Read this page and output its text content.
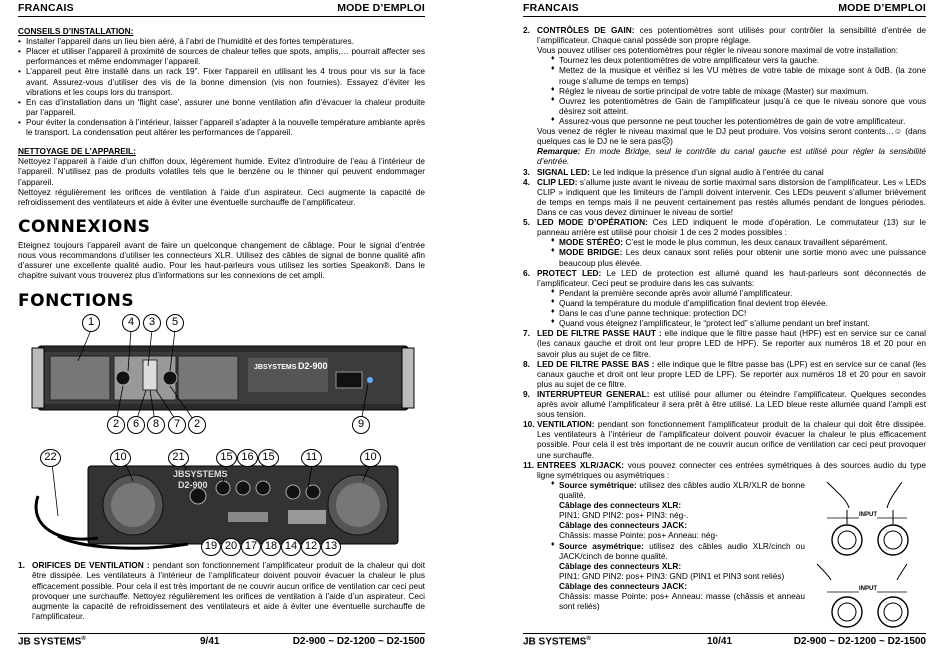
FRANCAIS	MODE D’EMPLOI
CONSEILS D’INSTALLATION:
• Installer l’appareil dans un lieu bien aéré, à l’abri de l’humidité et des fortes températures.
• Placer et utiliser l’appareil à proximité de sources de chaleur telles que spots, amplis,… pourrait affecter ses performances et même endommager l’appareil.
• L’appareil peut être installé dans un rack 19”. Fixer l'appareil en utilisant les 4 trous pour vis sur la face avant. Assurez-vous d’utiliser des vis de la bonne dimension (vis non fournies). Essayez d’éviter les vibrations et les coups lors du transport.
• En cas d’installation dans un 'flight case', assurer une bonne ventilation afin d’évacuer la chaleur produite par l’appareil.
• Pour éviter la condensation à l’intérieur, laisser l’appareil s’adapter à la nouvelle température ambiante après le transport. La condensation peut altérer les performances de l’appareil.
NETTOYAGE DE L’APPAREIL:

Nettoyez l’appareil à l’aide d’un chiffon doux, légèrement humide. Evitez d’introduire de l’eau à l’intérieur de l’appareil. N’utilisez pas de produits volatiles tels que le benzène ou le thinner qui peuvent endommager l’appareil.

Nettoyez régulièrement les orifices de ventilation à l’aide d’un aspirateur. Ceci augmente la capacité de refroidissement des ventilateurs et aide à éviter une éventuelle surchauffe de l’amplificateur.

CONNEXIONS

Eteignez toujours l’appareil avant de faire un quelconque changement de câblage. Pour le signal d’entrée nous vous recommandons d’utiliser les connecteurs XLR. Utilisez des câbles de signal de bonne qualité afin d’assurer une excellente qualité audio. Pour les haut-parleurs vous utilisez les sorties Speakon®. Dans le chapitre suivant vous trouverez plus d’informations sur les connexions de cet ampli.

FONCTIONS
JBSYSTEMS D2-900
JBSYSTEMS
D2-900
1	4	3	5
2	6	8	7	2	9
22	10	21	15 16 15	11	10
19 20 17 18 14 12 13
1. ORIFICES DE VENTILATION : pendant son fonctionnement l’amplificateur produit de la chaleur qui doit être dissipée. Les ventilateurs à l’intérieur de l’amplificateur doivent pouvoir évacuer la chaleur le plus efficacement possible. Pour cela il est très important de ne couvrir aucun orifice de ventilation car ceci peut provoquer une surchauffe. Nettoyez régulièrement les orifices de ventilation à l’aide d’un aspirateur. Ceci augmente la capacité de refroidissement des ventilateurs et aide à éviter une éventuelle surchauffe de l’amplificateur.
JB SYSTEMS®	9/41	D2-900 ~ D2-1200 ~ D2-1500
FRANCAIS	MODE D’EMPLOI
2. CONTRÔLES DE GAIN: ces potentiomètres sont utilisés pour contrôler la sensibilité d’entrée de l’amplificateur. Chaque canal possède son propre réglage.
Vous pouvez utiliser ces potentiomètres pour régler le niveau sonore maximal de votre installation:
♦ Tournez les deux potentiomètres de votre amplificateur vers la gauche.
♦ Mettez de la musique et vérifiez si les VU mètres de votre table de mixage sont à 0dB. (la zone rouge s’allume de temps en temps)
♦ Réglez le niveau de sortie principal de votre table de mixage (Master) sur maximum.
♦ Ouvrez les potentiomètres de Gain de l’amplificateur jusqu’à ce que le niveau sonore que vous désirez soit atteint.
♦ Assurez-vous que personne ne peut toucher les potentiomètres de gain de votre amplificateur.
Vous venez de régler le niveau maximal que le DJ peut produire. Vos voisins seront contents…☺ (dans quelques cas le DJ ne le sera pas☹)
Remarque: En mode Bridge, seul le contrôle du canal gauche est utilisé pour régler la sensibilité d’entrée.
3. SIGNAL LED: Le led indique la présence d’un signal audio à l’entrée du canal
4. CLIP LED: s’allume juste avant le niveau de sortie maximal sans distorsion de l’amplificateur. Les « LEDs CLIP » indiquent que les limiteurs de l’ampli doivent intervenir. Ces LEDs peuvent s’allumer brièvement de temps en temps mais il ne peuvent certainement pas restés allumés pendant de longues périodes. Dans ce cas vous devez diminuer le niveau de sortie!
5. LED MODE D’OPÉRATION: Ces LED indiquent le mode d’opération. Le commutateur (13) sur le panneau arrière est utilisé pour choisir 1 de ces 2 modes possibles :
♦ MODE STÉRÉO: C’est le mode le plus commun, les deux canaux travaillent séparément.
♦ MODE BRIDGE: Les deux canaux sont reliés pour obtenir une sortie mono avec une puissance beaucoup plus élevée.
6. PROTECT LED: Le LED de protection est allumé quand les haut-parleurs sont déconnectés de l’amplificateur. Ceci peut se produire dans les cas suivants:
♦ Pendant la première seconde après avoir allumé l’amplificateur.
♦ Quand la température du module d’amplification final devient trop élevée.
♦ Dans le cas d’une panne technique: protection DC!
♦ Quand vous éteignez l’amplificateur, le “protect led” s’allume pendant un bref instant.
7. LED DE FILTRE PASSE HAUT : elle indique que le filtre passe haut (HPF) est en service sur ce canal (les canaux gauche et droit ont leur propre LED de HPF). Se reporter aux numéros 18 et 20 pour en savoir plus au sujet de ce filtre.
8. LED DE FILTRE PASSE BAS : elle indique que le filtre passe bas (LPF) est en service sur ce canal (les canaux gauche et droit ont leur propre LED de LPF). Se reporter aux numéros 18 et 20 pour en savoir plus au sujet de ce filtre.
9. INTERRUPTEUR GENERAL: est utilisé pour allumer ou éteindre l’amplificateur. Quelques secondes après avoir allumé l’amplificateur il sera prêt à être utilisé. La LED bleue reste allumée quand l’ampli est sous tension.
10. VENTILATION: pendant son fonctionnement l’amplificateur produit de la chaleur qui doit être dissipée. Les ventilateurs à l’intérieur de l’amplificateur doivent pouvoir évacuer la chaleur le plus efficacement possible. Pour cela il est très important de ne couvrir aucun orifice de ventilation car ceci peut provoquer une surchauffe.
11. ENTREES XLR/JACK: vous pouvez connecter ces entrées symétriques à des sources audio du type ligne symétriques ou asymétriques :
♦ Source symétrique: utilisez des câbles audio XLR/XLR de bonne qualité.
Câblage des connecteurs XLR:
PIN1: GND PIN2: pos+ PIN3: nég-.
Câblage des connecteurs JACK:
Châssis: masse Pointe: pos+ Anneau: nég-
♦ Source asymétrique: utilisez des câbles audio XLR/cinch ou JACK/cinch de bonne qualité.
Câblage des connecteurs XLR:
PIN1: GND PIN2: pos+ PIN3: GND (PIN1 et PIN3 sont reliés)
Câblage des connecteurs JACK:
Châssis: masse Pointe: pos+ Anneau: masse (châssis et anneau sont reliés)
INPUT
INPUT
JB SYSTEMS®	10/41	D2-900 ~ D2-1200 ~ D2-1500
